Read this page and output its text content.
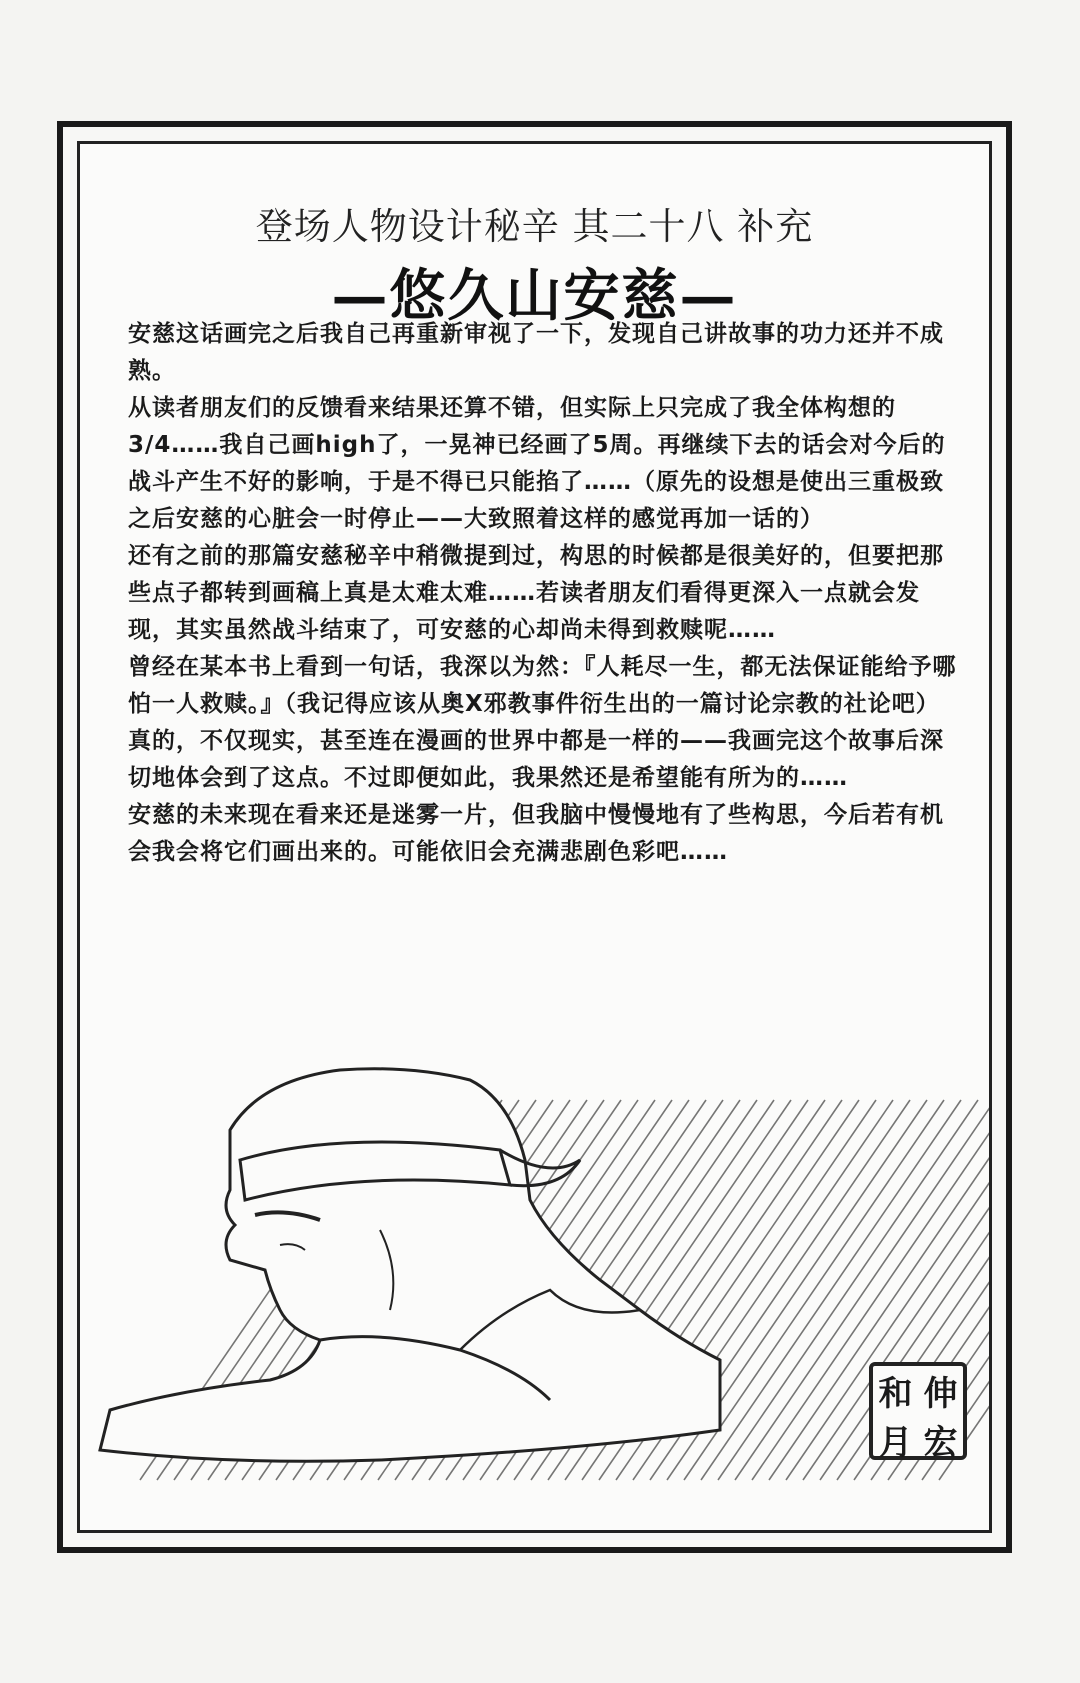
登场人物设计秘辛 其二十八 补充
—悠久山安慈—

安慈这话画完之后我自己再重新审视了一下，发现自己讲故事的功力还并不成熟。

从读者朋友们的反馈看来结果还算不错，但实际上只完成了我全体构想的3/4……我自己画high了，一晃神已经画了5周。再继续下去的话会对今后的战斗产生不好的影响，于是不得已只能掐了……（原先的设想是使出三重极致之后安慈的心脏会一时停止——大致照着这样的感觉再加一话的）

还有之前的那篇安慈秘辛中稍微提到过，构思的时候都是很美好的，但要把那些点子都转到画稿上真是太难太难……若读者朋友们看得更深入一点就会发现，其实虽然战斗结束了，可安慈的心却尚未得到救赎呢……

曾经在某本书上看到一句话，我深以为然：『人耗尽一生，都无法保证能给予哪怕一人救赎。』（我记得应该从奥X邪教事件衍生出的一篇讨论宗教的社论吧）真的，不仅现实，甚至连在漫画的世界中都是一样的——我画完这个故事后深切地体会到了这点。不过即便如此，我果然还是希望能有所为的……

安慈的未来现在看来还是迷雾一片，但我脑中慢慢地有了些构思，今后若有机会我会将它们画出来的。可能依旧会充满悲剧色彩吧……

和 伸
月 宏
